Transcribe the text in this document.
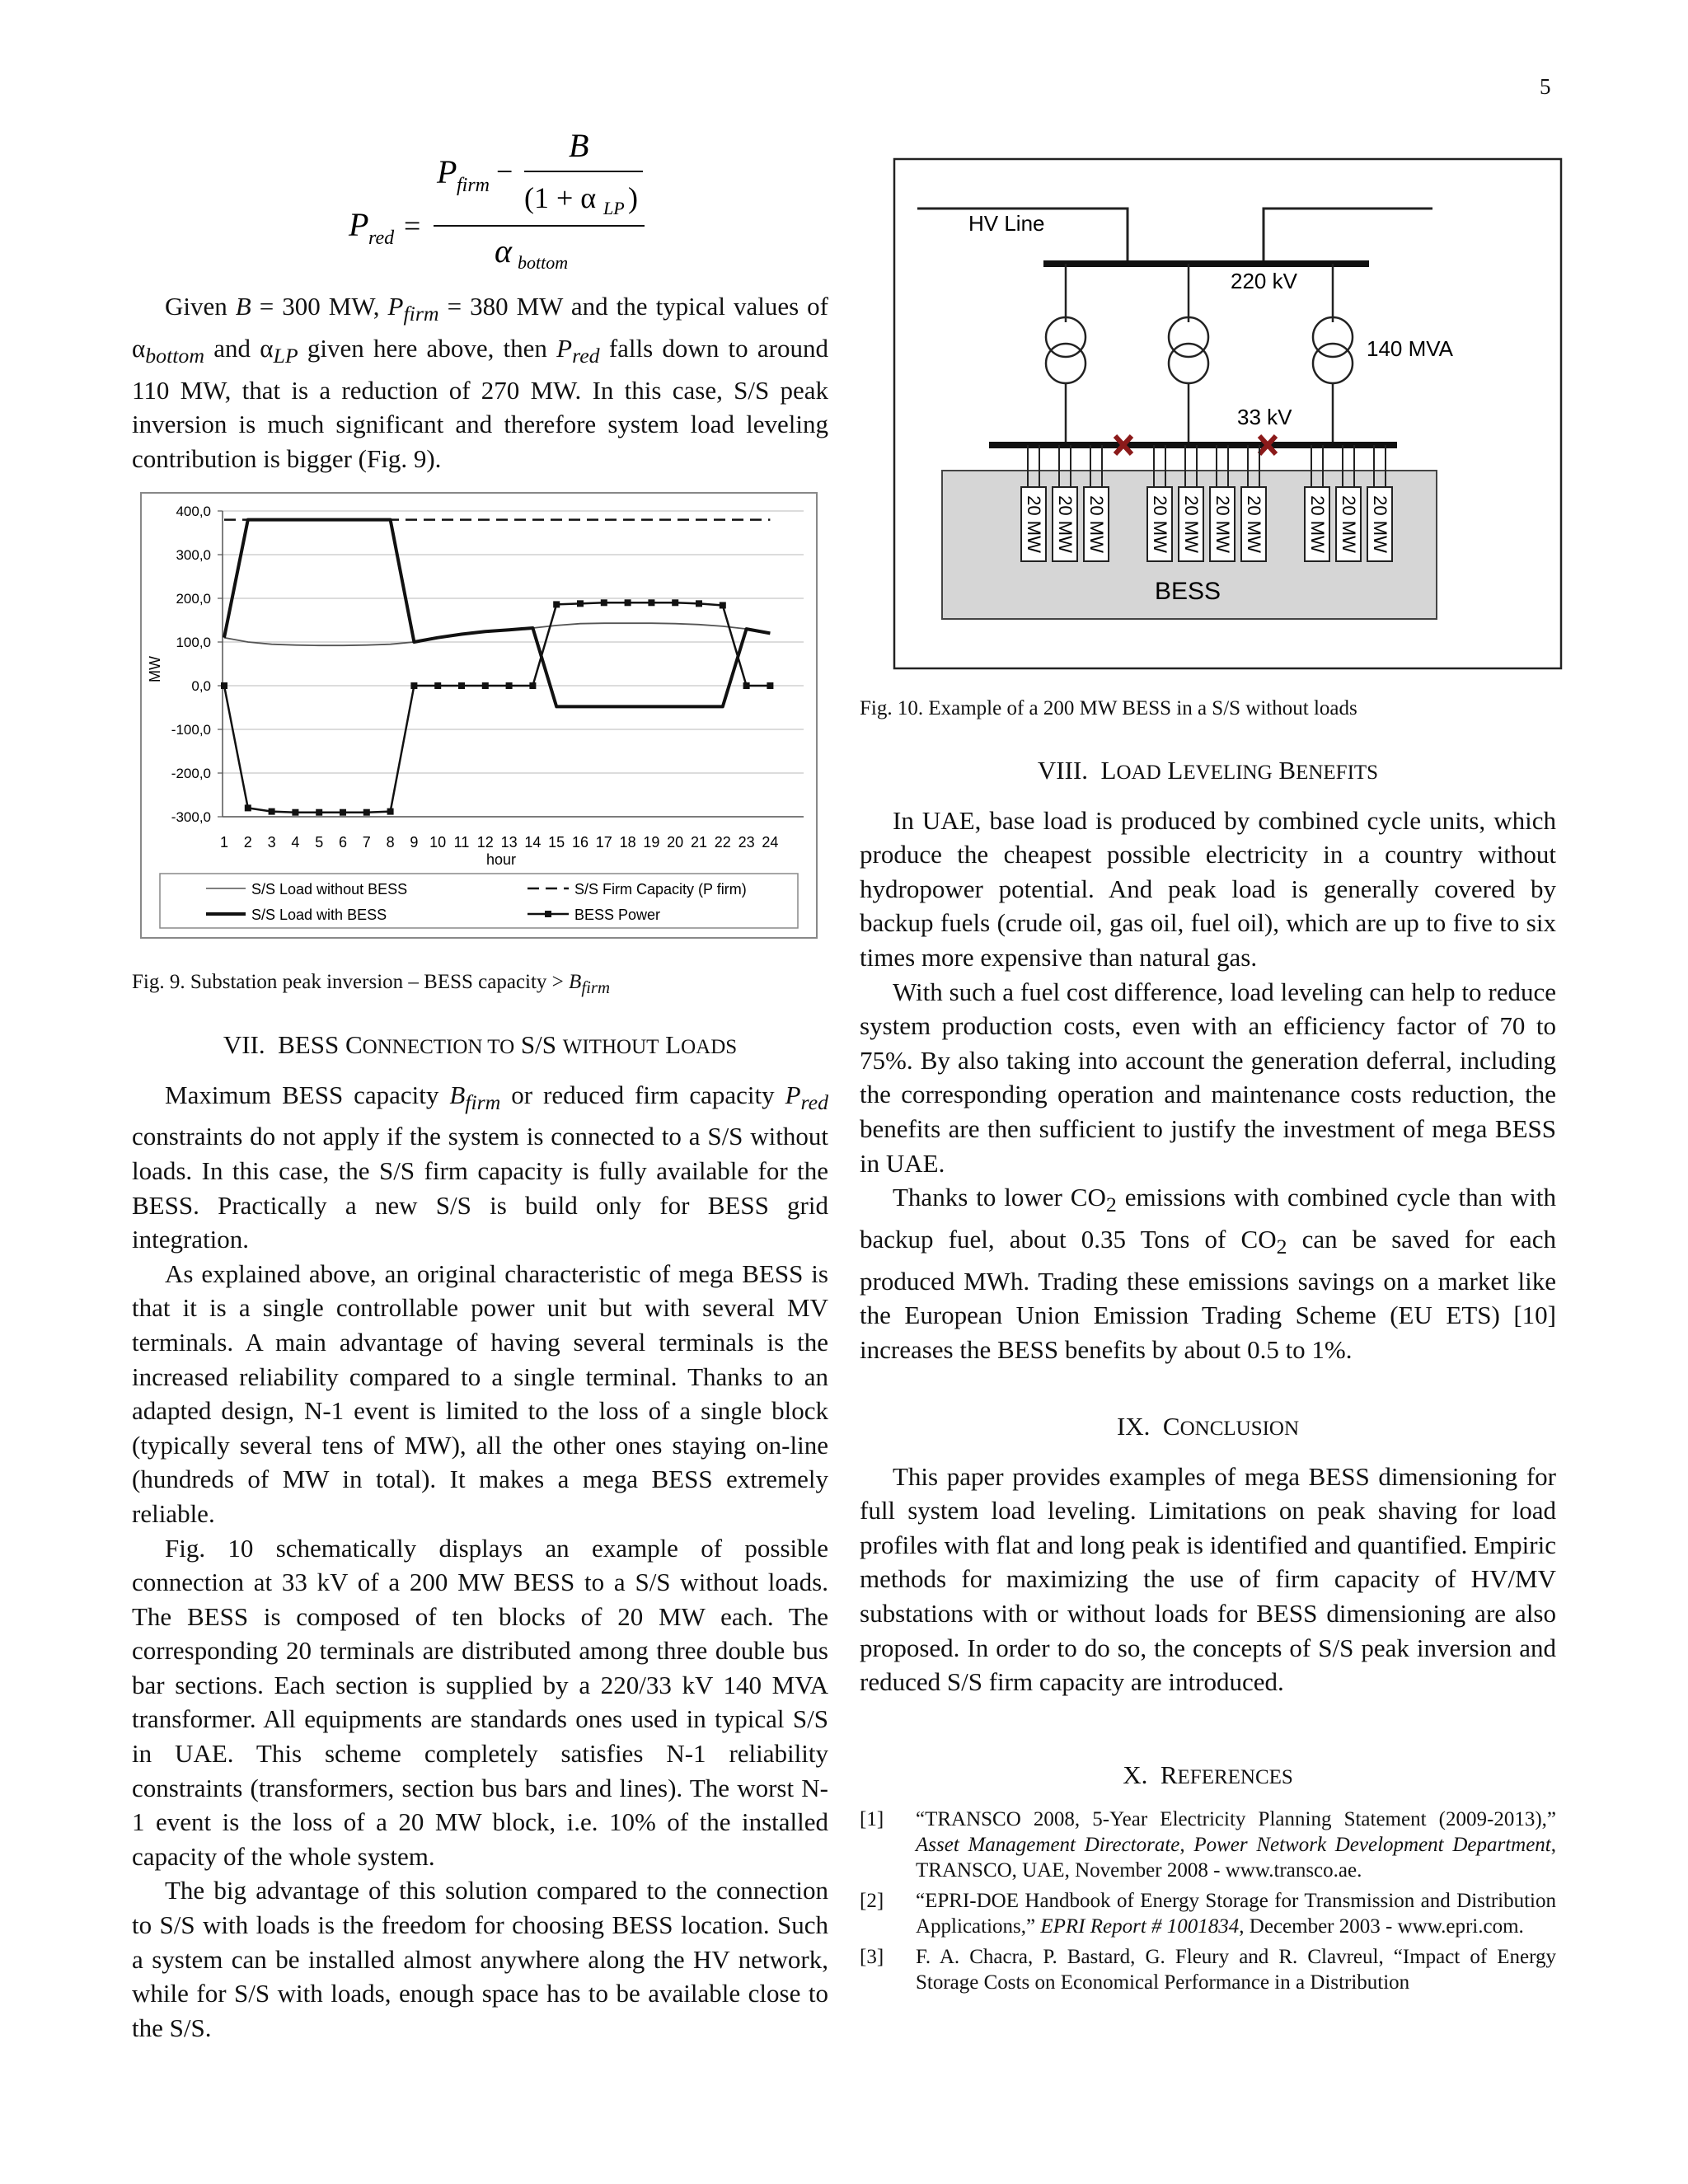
5
P red =
P firm −
B
(1 + α LP )
α bottom

Given B = 300 MW, $P_{firm} = 380$ MW and the typical values of $\alpha_{bottom}$ and $\alpha_{LP}$ given here above, then $P_{red}$ falls down to around 110 MW, that is a reduction of 270 MW. In this case, S/S peak inversion is much significant and therefore system load leveling contribution is bigger (Fig. 9).

400,0
300,0
200,0
100,0
0,0
-100,0
-200,0
-300,0
1 2 3 4 5 6 7 8 9 10 11 12 13 14 15 16 17 18 19 20 21 22 23 24
MW
hour
S/S Load without BESS	S/S Firm Capacity (P firm)
S/S Load with BESS	BESS Power
Fig. 9. Substation peak inversion – BESS capacity > $B_{firm}$

VII. BESS CONNECTION TO S/S WITHOUT LOADS

Maximum BESS capacity $B_{firm}$ or reduced firm capacity $P_{red}$ constraints do not apply if the system is connected to a S/S without loads. In this case, the S/S firm capacity is fully available for the BESS. Practically a new S/S is build only for BESS grid integration.

As explained above, an original characteristic of mega BESS is that it is a single controllable power unit but with several MV terminals. A main advantage of having several terminals is the increased reliability compared to a single terminal. Thanks to an adapted design, N-1 event is limited to the loss of a single block (typically several tens of MW), all the other ones staying on-line (hundreds of MW in total). It makes a mega BESS extremely reliable.

Fig. 10 schematically displays an example of possible connection at 33 kV of a 200 MW BESS to a S/S without loads. The BESS is composed of ten blocks of 20 MW each. The corresponding 20 terminals are distributed among three double bus bar sections. Each section is supplied by a 220/33 kV 140 MVA transformer. All equipments are standards ones used in typical S/S in UAE. This scheme completely satisfies N-1 reliability constraints (transformers, section bus bars and lines). The worst N-1 event is the loss of a 20 MW block, i.e. 10% of the installed capacity of the whole system.

The big advantage of this solution compared to the connection to S/S with loads is the freedom for choosing BESS location. Such a system can be installed almost anywhere along the HV network, while for S/S with loads, enough space has to be available close to the S/S.

HV Line
220 kV
140 MVA
33 kV
BESS
20 MW 20 MW 20 MW 20 MW 20 MW 20 MW 20 MW 20 MW 20 MW 20 MW
Fig. 10. Example of a 200 MW BESS in a S/S without loads

VIII. LOAD LEVELING BENEFITS

In UAE, base load is produced by combined cycle units, which produce the cheapest possible electricity in a country without hydropower potential. And peak load is generally covered by backup fuels (crude oil, gas oil, fuel oil), which are up to five to six times more expensive than natural gas.

With such a fuel cost difference, load leveling can help to reduce system production costs, even with an efficiency factor of 70 to 75%. By also taking into account the generation deferral, including the corresponding operation and maintenance costs reduction, the benefits are then sufficient to justify the investment of mega BESS in UAE.

Thanks to lower $CO_2$ emissions with combined cycle than with backup fuel, about 0.35 Tons of $CO_2$ can be saved for each produced MWh. Trading these emissions savings on a market like the European Union Emission Trading Scheme (EU ETS) [10] increases the BESS benefits by about 0.5 to 1%.

IX. CONCLUSION

This paper provides examples of mega BESS dimensioning for full system load leveling. Limitations on peak shaving for load profiles with flat and long peak is identified and quantified. Empiric methods for maximizing the use of firm capacity of HV/MV substations with or without loads for BESS dimensioning are also proposed. In order to do so, the concepts of S/S peak inversion and reduced S/S firm capacity are introduced.

X. REFERENCES

[1] “TRANSCO 2008, 5-Year Electricity Planning Statement (2009-2013),” Asset Management Directorate, Power Network Development Department, TRANSCO, UAE, November 2008 - www.transco.ae.
[2] “EPRI-DOE Handbook of Energy Storage for Transmission and Distribution Applications,” EPRI Report # 1001834, December 2003 - www.epri.com.
[3] F. A. Chacra, P. Bastard, G. Fleury and R. Clavreul, “Impact of Energy Storage Costs on Economical Performance in a Distribution
